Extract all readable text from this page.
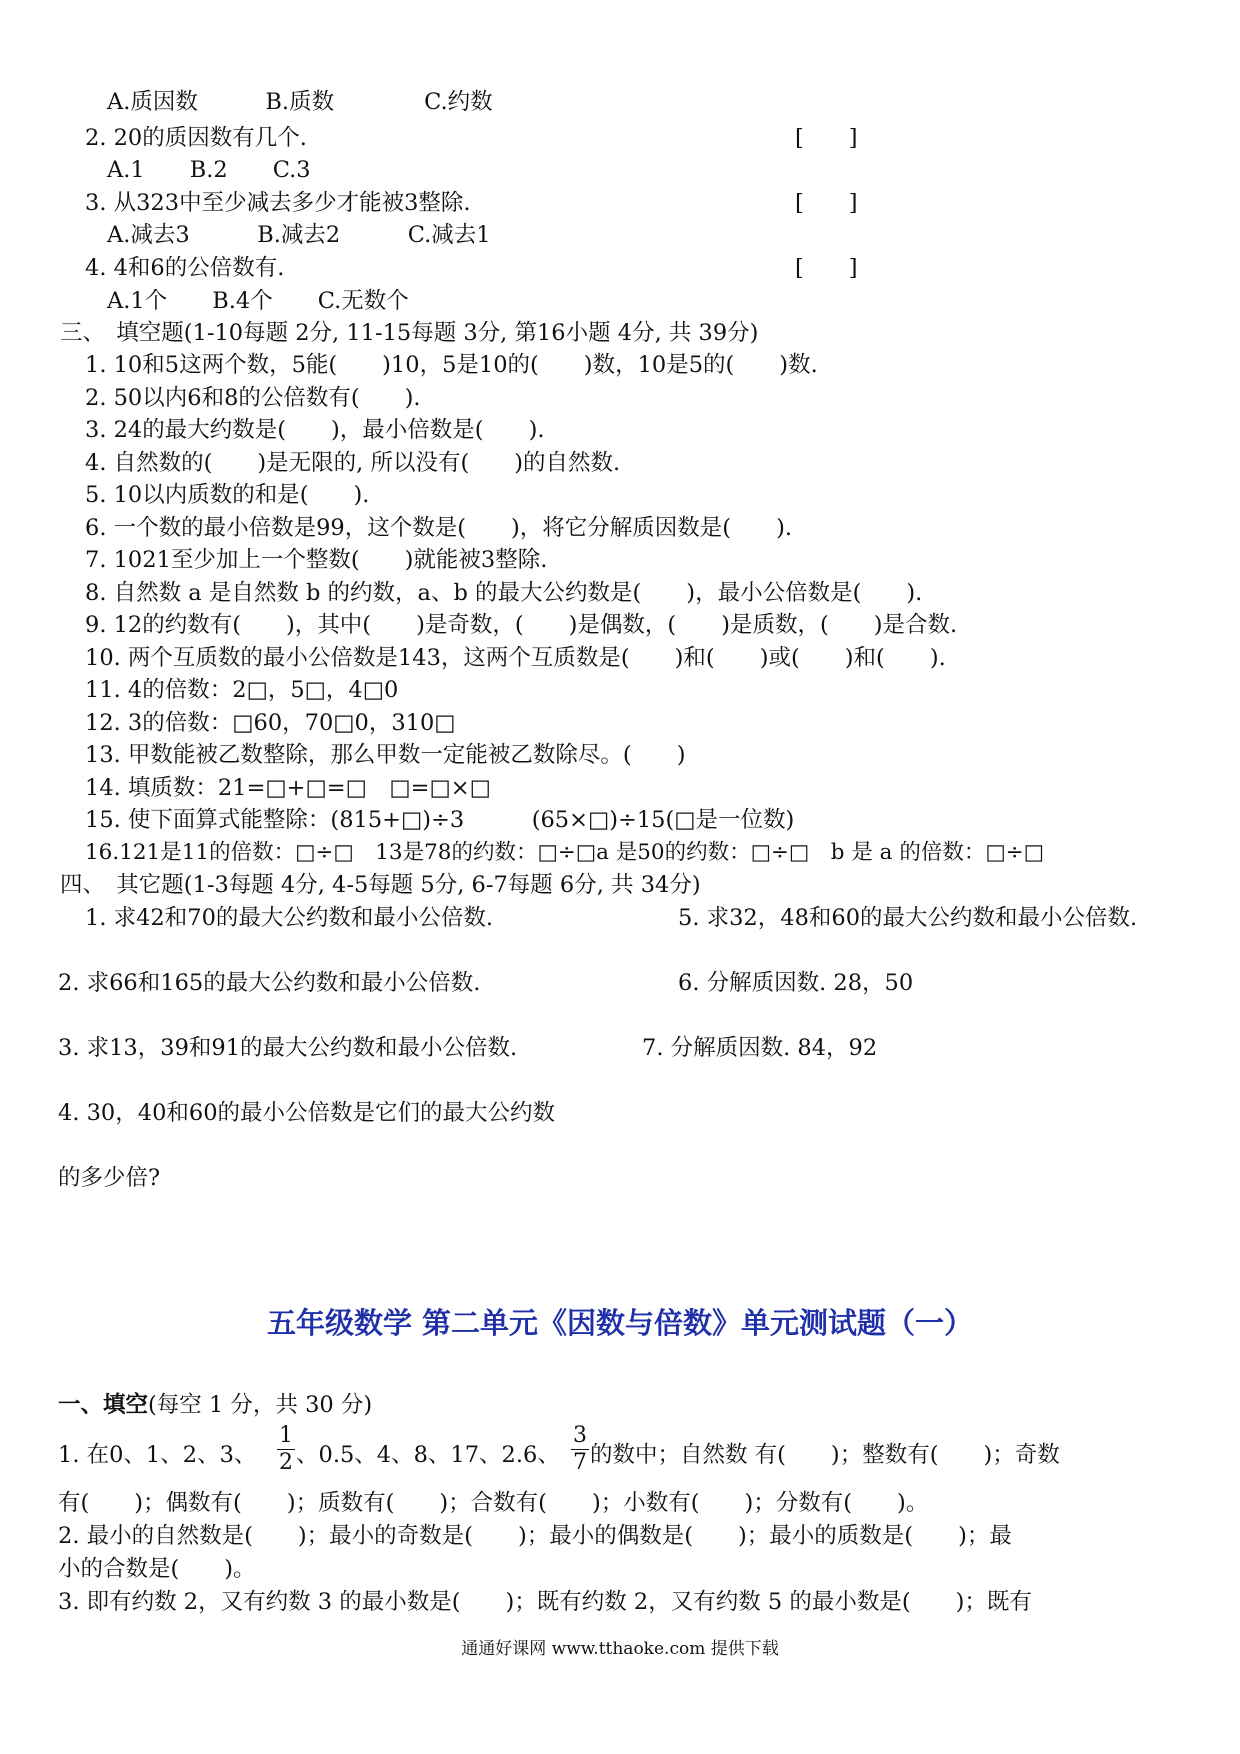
A.质因数　　　B.质数　　　　C.约数
2. 20的质因数有几个.	[　　]
A.1　　B.2　　C.3
3. 从323中至少减去多少才能被3整除.	[　　]
A.减去3　　　B.减去2　　　C.减去1
4. 4和6的公倍数有.	[　　]
A.1个　　B.4个　　C.无数个
三、　填空题(1-10每题 2分, 11-15每题 3分, 第16小题 4分, 共 39分)
1. 10和5这两个数，5能(　　)10，5是10的(　　)数，10是5的(　　)数.
2. 50以内6和8的公倍数有(　　).
3. 24的最大约数是(　　)，最小倍数是(　　).
4. 自然数的(　　)是无限的, 所以没有(　　)的自然数.
5. 10以内质数的和是(　　).
6. 一个数的最小倍数是99，这个数是(　　)，将它分解质因数是(　　).
7. 1021至少加上一个整数(　　)就能被3整除.
8. 自然数 a 是自然数 b 的约数，a、b 的最大公约数是(　　)，最小公倍数是(　　).
9. 12的约数有(　　)，其中(　　)是奇数，(　　)是偶数，(　　)是质数，(　　)是合数.
10. 两个互质数的最小公倍数是143，这两个互质数是(　　)和(　　)或(　　)和(　　).
11. 4的倍数：2□，5□，4□0
12. 3的倍数：□60，70□0，310□
13. 甲数能被乙数整除，那么甲数一定能被乙数除尽。(　　)
14. 填质数：21=□+□=□　□=□×□
15. 使下面算式能整除：(815+□)÷3　　　(65×□)÷15(□是一位数)
16.121是11的倍数：□÷□　13是78的约数：□÷□a 是50的约数：□÷□　b 是 a 的倍数：□÷□
四、　其它题(1-3每题 4分, 4-5每题 5分, 6-7每题 6分, 共 34分)
1. 求42和70的最大公约数和最小公倍数.	5. 求32，48和60的最大公约数和最小公倍数.
2. 求66和165的最大公约数和最小公倍数.	6. 分解质因数. 28，50
3. 求13，39和91的最大公约数和最小公倍数.	7. 分解质因数. 84，92
4. 30，40和60的最小公倍数是它们的最大公约数
的多少倍?
五年级数学 第二单元《因数与倍数》单元测试题（一）
一、填空(每空 1 分，共 30 分)
1. 在0、1、2、3、
1
2 、0.5、4、8、17、2.6、
3
7 的数中；自然数 有(　　)；整数有(　　)；奇数
有(　　)；偶数有(　　)；质数有(　　)；合数有(　　)；小数有(　　)；分数有(　　)。
2. 最小的自然数是(　　)；最小的奇数是(　　)；最小的偶数是(　　)；最小的质数是(　　)；最
小的合数是(　　)。
3. 即有约数 2，又有约数 3 的最小数是(　　)；既有约数 2，又有约数 5 的最小数是(　　)；既有
通通好课网 www.tthaoke.com 提供下载
